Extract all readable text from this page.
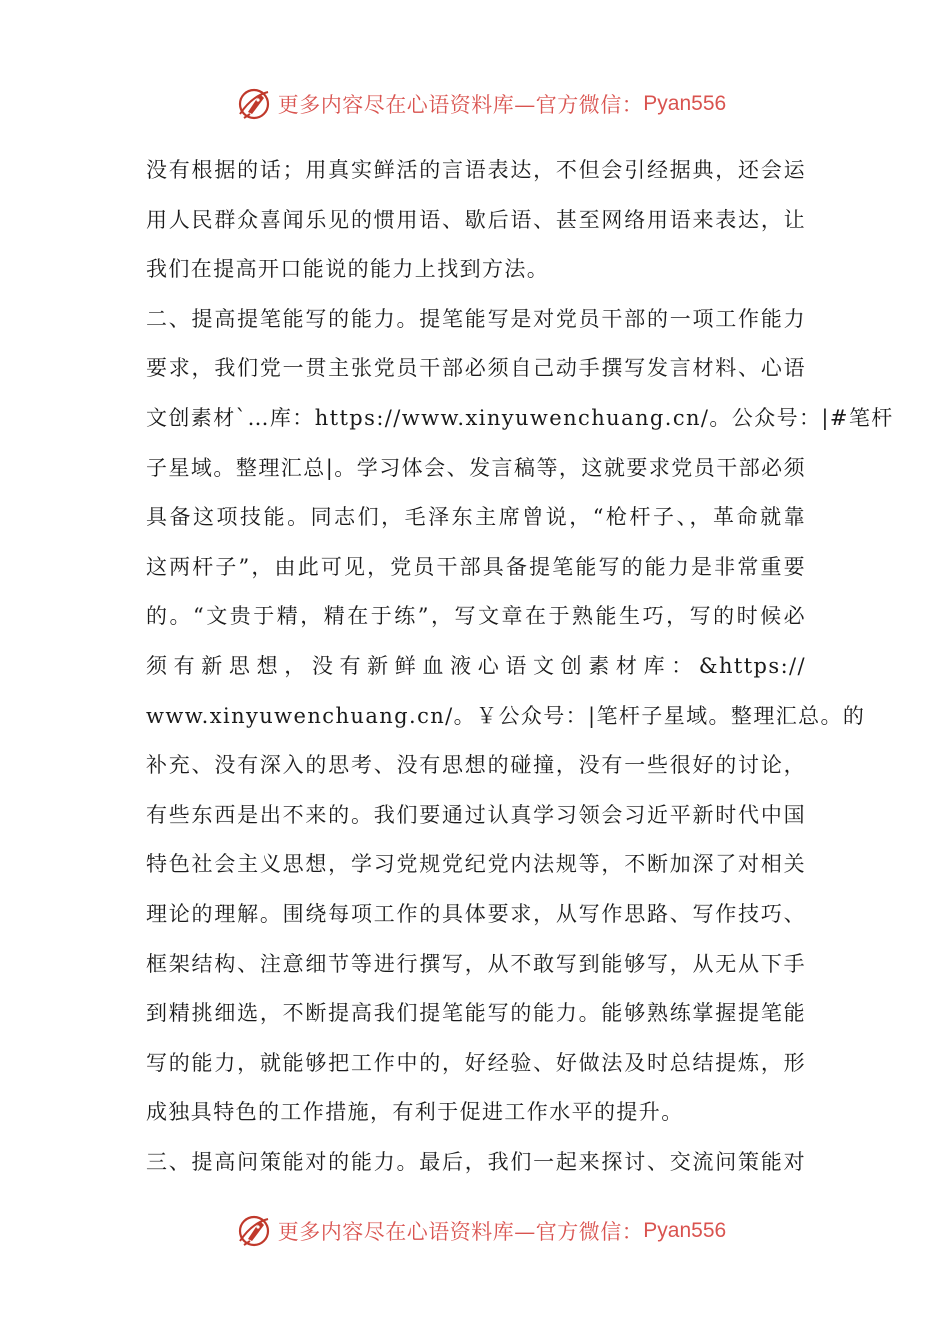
更多内容尽在心语资料库—官方微信： Pyan556
没有根据的话；用真实鲜活的言语表达，不但会引经据典，还会运
用人民群众喜闻乐见的惯用语、歇后语、甚至网络用语来表达，让
我们在提高开口能说的能力上找到方法。
二、提高提笔能写的能力。提笔能写是对党员干部的一项工作能力
要求，我们党一贯主张党员干部必须自己动手撰写发言材料、心语
文创素材`…库：https://www.xinyuwenchuang.cn/。公众号：|#笔杆
子星域。整理汇总|。学习体会、发言稿等，这就要求党员干部必须
具备这项技能。同志们，毛泽东主席曾说，“枪杆子、，革命就靠
这两杆子”，由此可见，党员干部具备提笔能写的能力是非常重要
的。“文贵于精，精在于练”，写文章在于熟能生巧，写的时候必
须有新思想，没有新鲜血液心语文创素材库：&https://
www.xinyuwenchuang.cn/。￥公众号：|笔杆子星域。整理汇总。的
补充、没有深入的思考、没有思想的碰撞，没有一些很好的讨论，
有些东西是出不来的。我们要通过认真学习领会习近平新时代中国
特色社会主义思想，学习党规党纪党内法规等，不断加深了对相关
理论的理解。围绕每项工作的具体要求，从写作思路、写作技巧、
框架结构、注意细节等进行撰写，从不敢写到能够写，从无从下手
到精挑细选，不断提高我们提笔能写的能力。能够熟练掌握提笔能
写的能力，就能够把工作中的，好经验、好做法及时总结提炼，形
成独具特色的工作措施，有利于促进工作水平的提升。
三、提高问策能对的能力。最后，我们一起来探讨、交流问策能对
更多内容尽在心语资料库—官方微信： Pyan556
